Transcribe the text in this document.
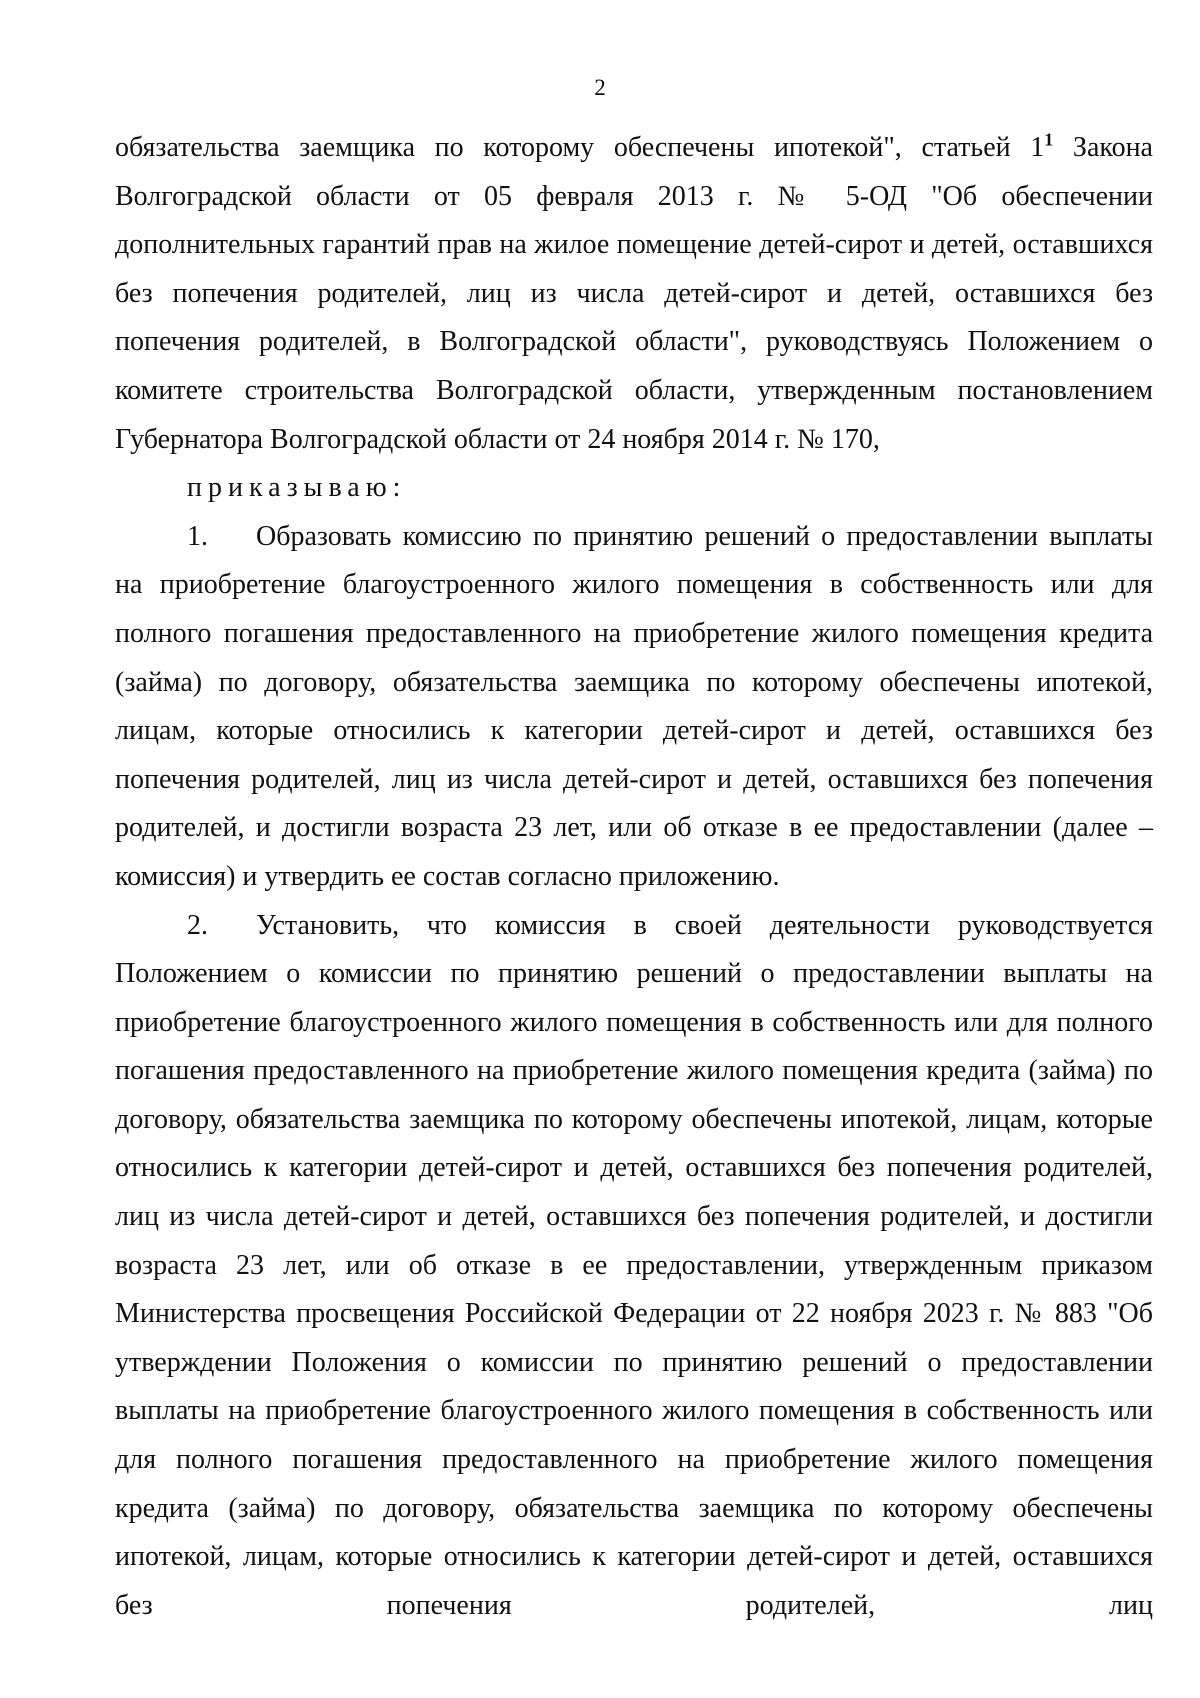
2

обязательства заемщика по которому обеспечены ипотекой", статьей $1^1$ Закона Волгоградской области от 05 февраля 2013 г. № 5-ОД "Об обеспечении дополнительных гарантий прав на жилое помещение детей-сирот и детей, оставшихся без попечения родителей, лиц из числа детей-сирот и детей, оставшихся без попечения родителей, в Волгоградской области", руководствуясь Положением о комитете строительства Волгоградской области, утвержденным постановлением Губернатора Волгоградской области от 24 ноября 2014 г. № 170,

приказываю:

1. Образовать комиссию по принятию решений о предоставлении выплаты на приобретение благоустроенного жилого помещения в собственность или для полного погашения предоставленного на приобретение жилого помещения кредита (займа) по договору, обязательства заемщика по которому обеспечены ипотекой, лицам, которые относились к категории детей-сирот и детей, оставшихся без попечения родителей, лиц из числа детей-сирот и детей, оставшихся без попечения родителей, и достигли возраста 23 лет, или об отказе в ее предоставлении (далее – комиссия) и утвердить ее состав согласно приложению.

2. Установить, что комиссия в своей деятельности руководствуется Положением о комиссии по принятию решений о предоставлении выплаты на приобретение благоустроенного жилого помещения в собственность или для полного погашения предоставленного на приобретение жилого помещения кредита (займа) по договору, обязательства заемщика по которому обеспечены ипотекой, лицам, которые относились к категории детей-сирот и детей, оставшихся без попечения родителей, лиц из числа детей-сирот и детей, оставшихся без попечения родителей, и достигли возраста 23 лет, или об отказе в ее предоставлении, утвержденным приказом Министерства просвещения Российской Федерации от 22 ноября 2023 г. № 883 "Об утверждении Положения о комиссии по принятию решений о предоставлении выплаты на приобретение благоустроенного жилого помещения в собственность или для полного погашения предоставленного на приобретение жилого помещения кредита (займа) по договору, обязательства заемщика по которому обеспечены ипотекой, лицам, которые относились к категории детей-сирот и детей, оставшихся без попечения родителей, лиц
